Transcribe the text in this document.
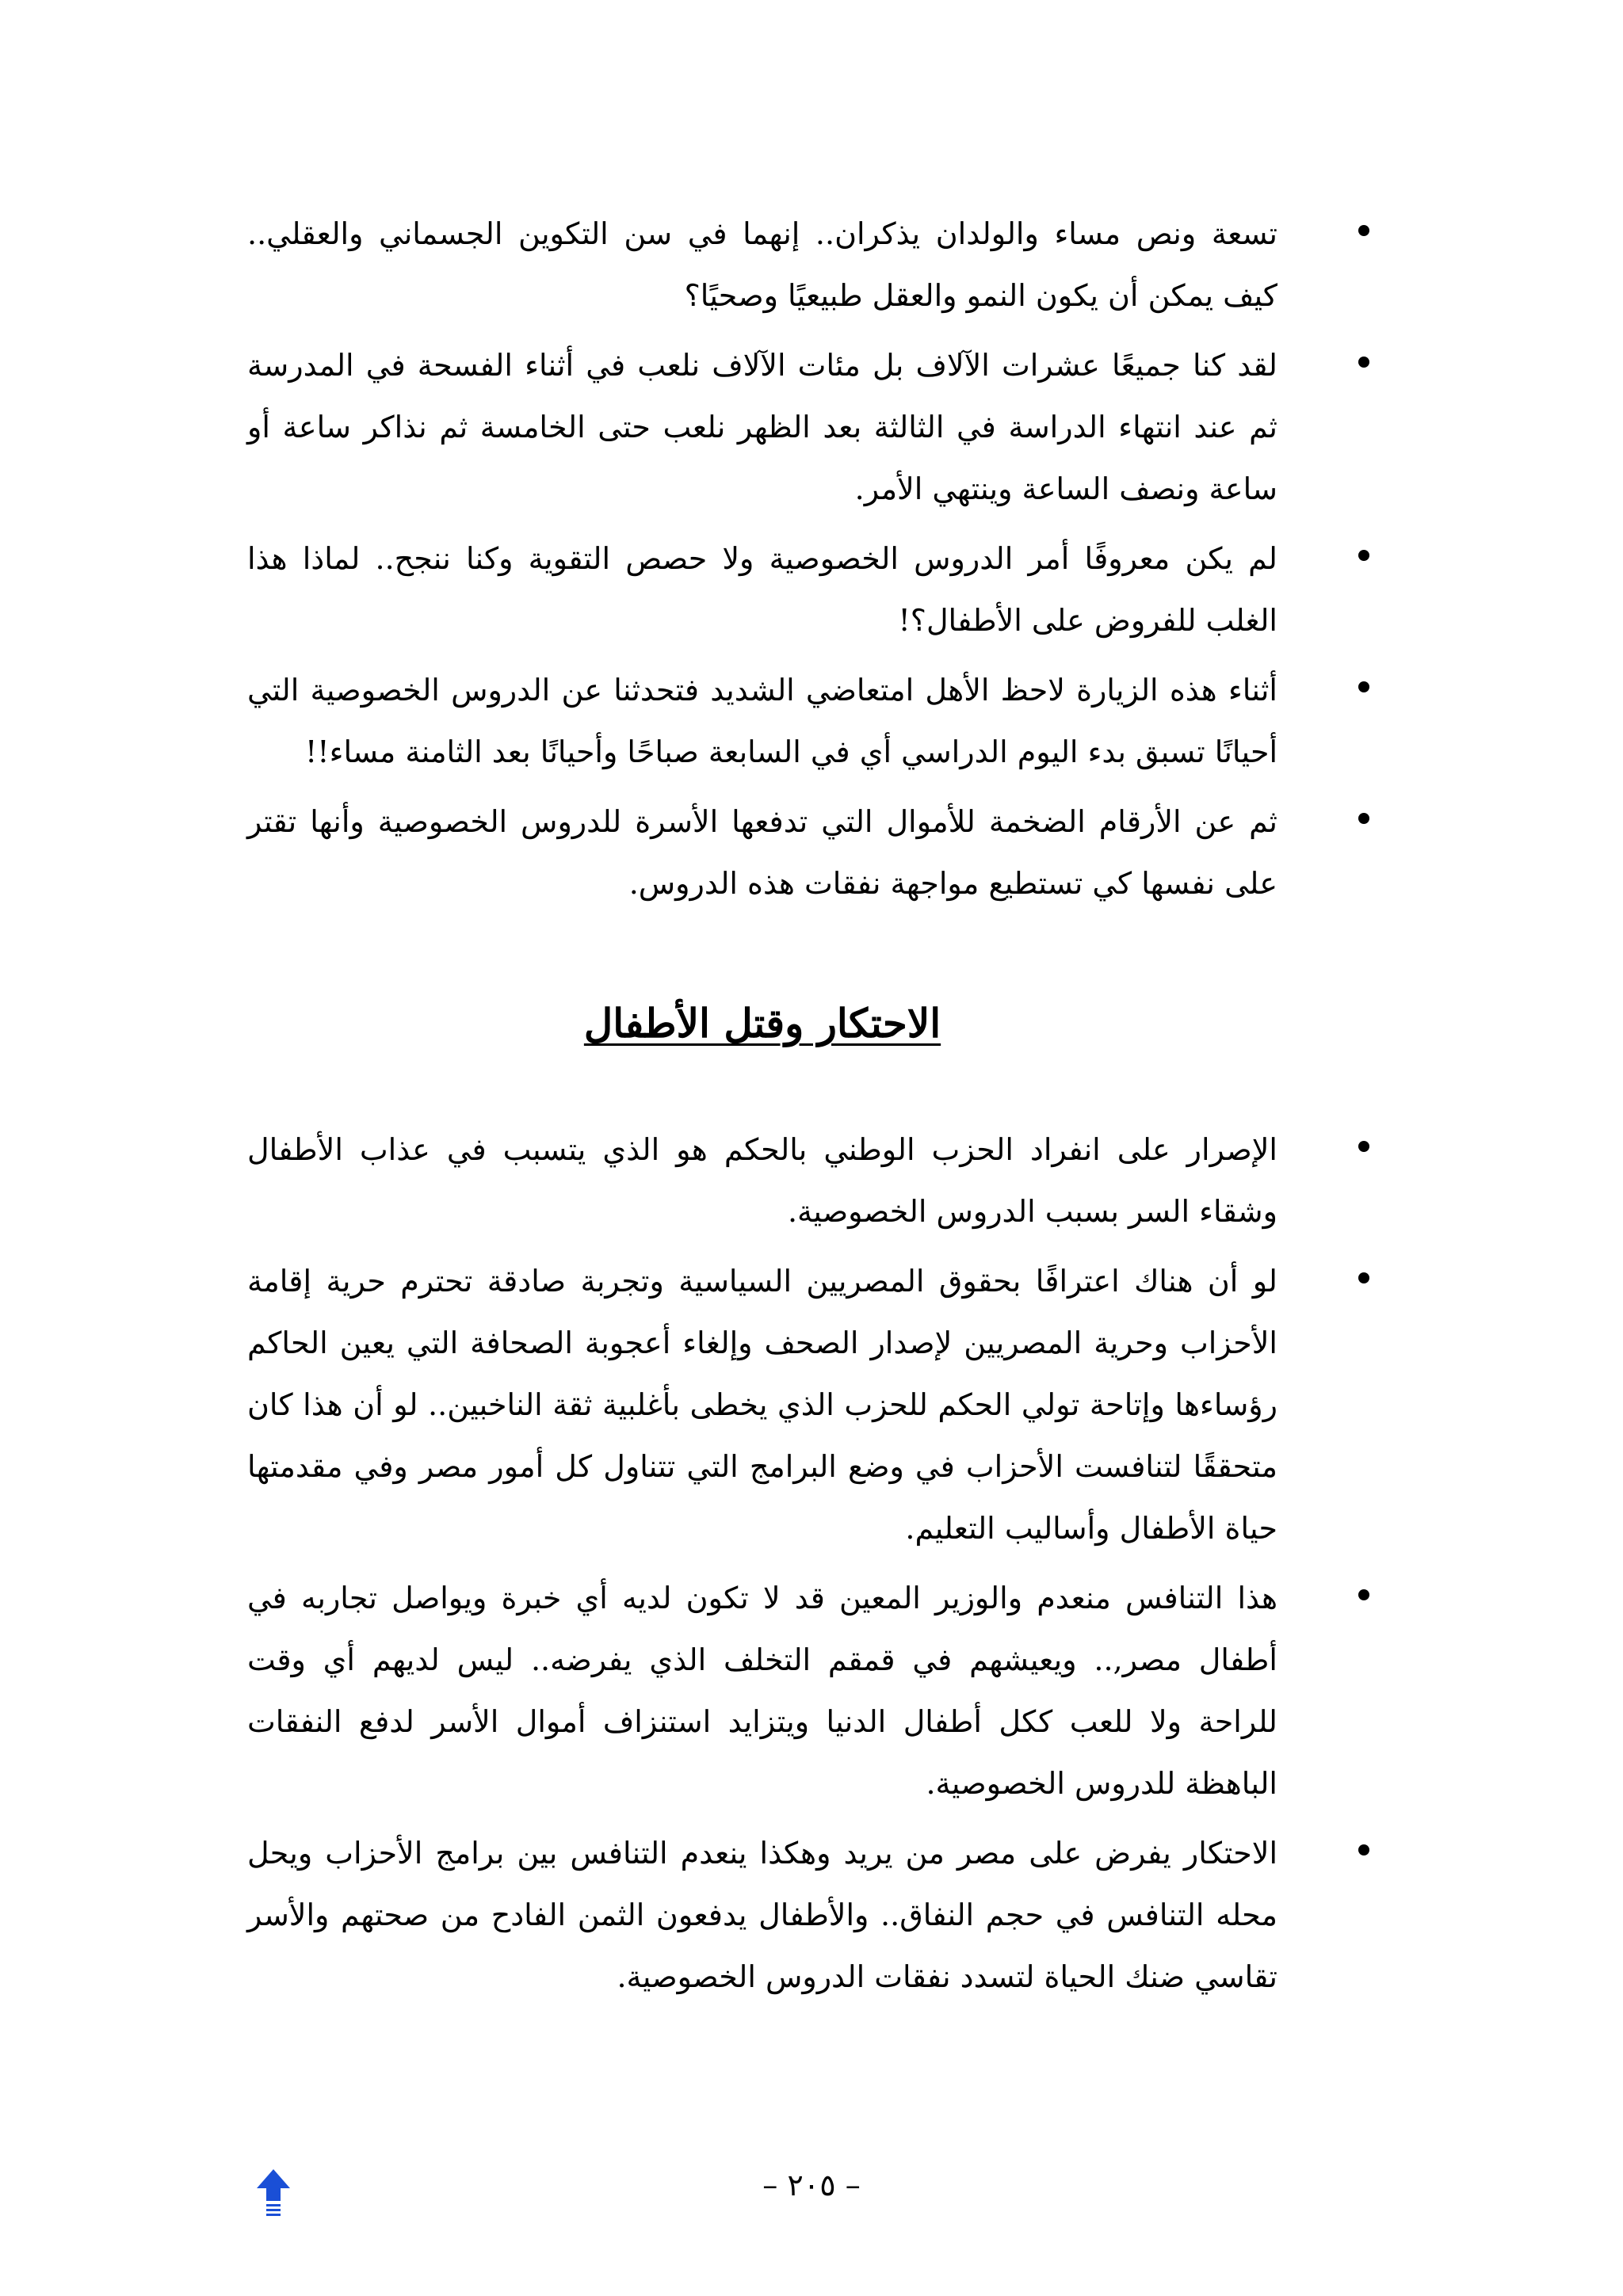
تسعة ونص مساء والولدان يذكران.. إنهما في سن التكوين الجسماني والعقلي.. كيف يمكن أن يكون النمو والعقل طبيعيًا وصحيًا؟
لقد كنا جميعًا عشرات الآلاف بل مئات الآلاف نلعب في أثناء الفسحة في المدرسة ثم عند انتهاء الدراسة في الثالثة بعد الظهر نلعب حتى الخامسة ثم نذاكر ساعة أو ساعة ونصف الساعة وينتهي الأمر.
لم يكن معروفًا أمر الدروس الخصوصية ولا حصص التقوية وكنا ننجح.. لماذا هذا الغلب للفروض على الأطفال؟!
أثناء هذه الزيارة لاحظ الأهل امتعاضي الشديد فتحدثنا عن الدروس الخصوصية التي أحيانًا تسبق بدء اليوم الدراسي أي في السابعة صباحًا وأحيانًا بعد الثامنة مساء!!
ثم عن الأرقام الضخمة للأموال التي تدفعها الأسرة للدروس الخصوصية وأنها تقتر على نفسها كي تستطيع مواجهة نفقات هذه الدروس.
الاحتكار وقتل الأطفال
الإصرار على انفراد الحزب الوطني بالحكم هو الذي يتسبب في عذاب الأطفال وشقاء السر بسبب الدروس الخصوصية.
لو أن هناك اعترافًا بحقوق المصريين السياسية وتجربة صادقة تحترم حرية إقامة الأحزاب وحرية المصريين لإصدار الصحف وإلغاء أعجوبة الصحافة التي يعين الحاكم رؤساءها وإتاحة تولي الحكم للحزب الذي يخطى بأغلبية ثقة الناخبين.. لو أن هذا كان متحققًا لتنافست الأحزاب في وضع البرامج التي تتناول كل أمور مصر وفي مقدمتها حياة الأطفال وأساليب التعليم.
هذا التنافس منعدم والوزير المعين قد لا تكون لديه أي خبرة ويواصل تجاربه في أطفال مصر,.. ويعيشهم في قمقم التخلف الذي يفرضه.. ليس لديهم أي وقت للراحة ولا للعب ككل أطفال الدنيا ويتزايد استنزاف أموال الأسر لدفع النفقات الباهظة للدروس الخصوصية.
الاحتكار يفرض على مصر من يريد وهكذا ينعدم التنافس بين برامج الأحزاب ويحل محله التنافس في حجم النفاق.. والأطفال يدفعون الثمن الفادح من صحتهم والأسر تقاسي ضنك الحياة لتسدد نفقات الدروس الخصوصية.
– ٢٠٥ –
